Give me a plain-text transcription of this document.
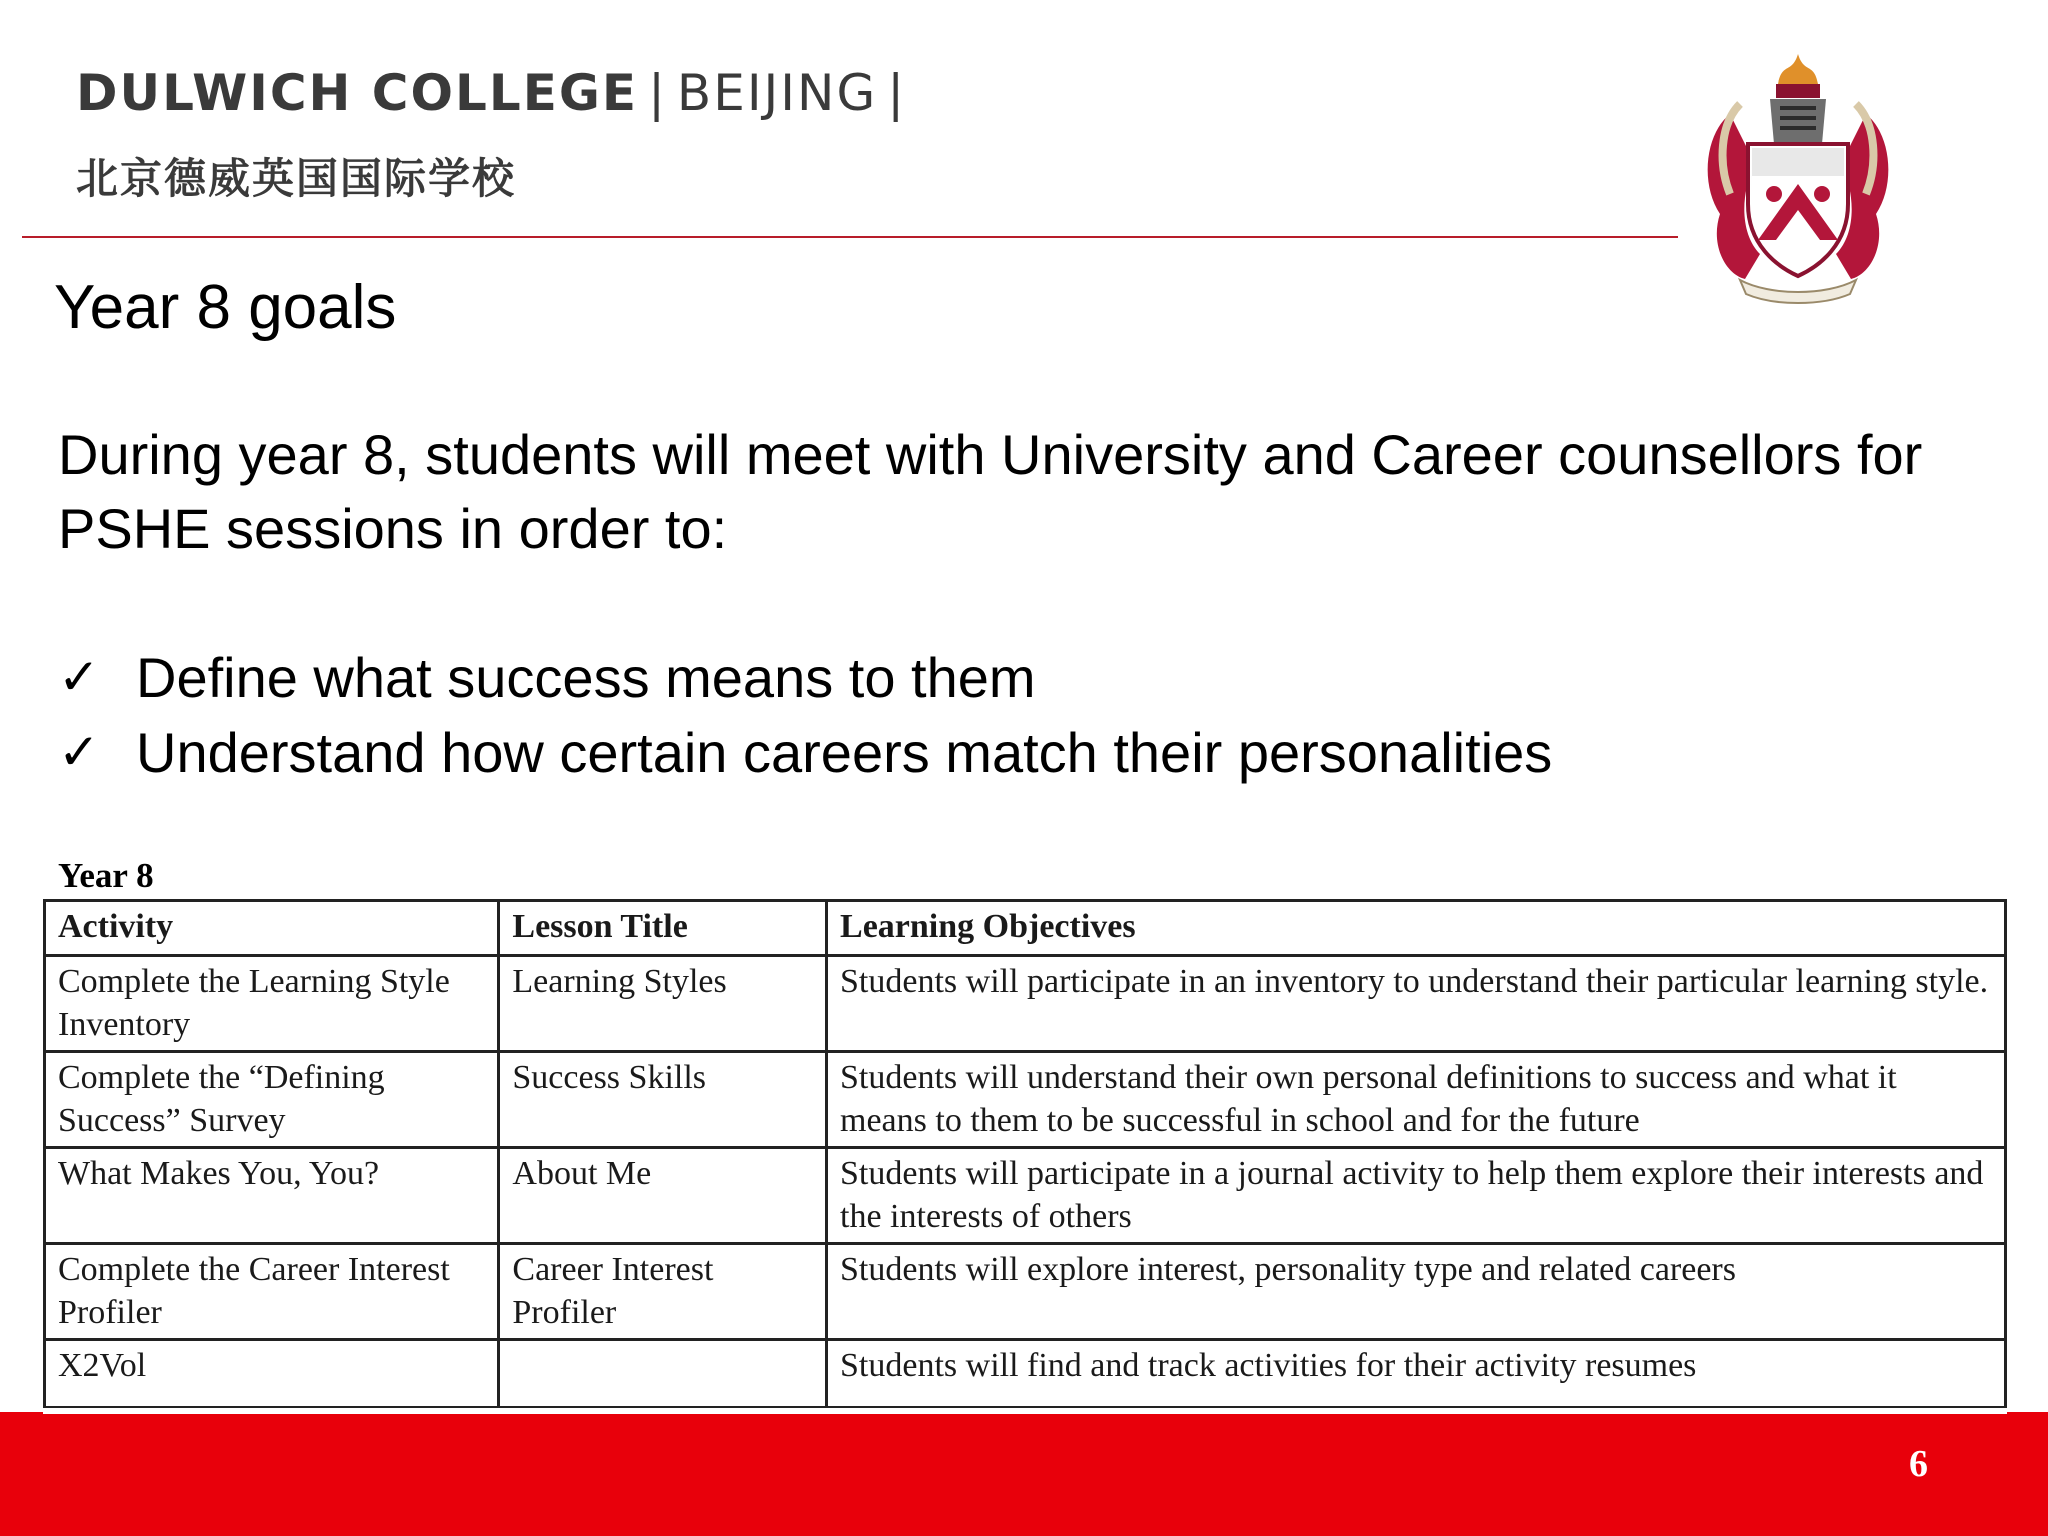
DULWICH COLLEGE | BEIJING |
北京德威英国国际学校
Year 8 goals
During year 8, students will meet with University and Career counsellors for PSHE sessions in order to:
✓ Define what success means to them
✓ Understand how certain careers match their personalities
Year 8
Activity	Lesson Title	Learning Objectives
Complete the Learning Style Inventory	Learning Styles	Students will participate in an inventory to understand their particular learning style.
Complete the “Defining Success” Survey	Success Skills	Students will understand their own personal definitions to success and what it means to them to be successful in school and for the future
What Makes You, You?	About Me	Students will participate in a journal activity to help them explore their interests and the interests of others
Complete the Career Interest Profiler	Career Interest Profiler	Students will explore interest, personality type and related careers
X2Vol		Students will find and track activities for their activity resumes
6
